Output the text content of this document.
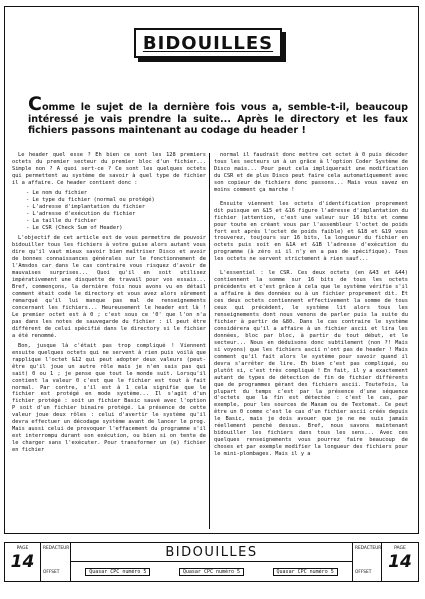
BIDOUILLES
Comme le sujet de la dernière fois vous a, semble-t-il, beaucoup intéressé je vais prendre la suite... Après le directory et les faux fichiers passons maintenant au codage du header !

Le header quel esse ? Eh bien ce sont les 128 premiers octets du premier secteur du premier bloc d'un fichier... Simple non ? A quoi sert-ce ? Ce sont les quelques octets qui permettent au système de savoir à quel type de fichier il a affaire. Ce header contient donc :

- Le nom du fichier
- Le type du fichier (normal ou protégé)
- L'adresse d'implantation du fichier
- L'adresse d'exécution du fichier
- La taille du fichier
- Le CSR (Check Sum of Header)

L'objectif de cet article est de vous permettre de pouvoir bidouiller tous les fichiers à votre guise alors autant vous dire qu'il vaut mieux savoir bien maîtriser Disco et avoir de bonnes connaissances générales sur le fonctionnement de l'Amsdos car dans le cas contraire vous risquez d'avoir de mauvaises surprises... Quoi qu'il en soit utilisez impérativement une disquette de travail pour vos essais... Bref, commençons, la dernière fois nous avons vu en détail comment était codé le directory et vous avez alors sûrement remarqué qu'il lui manque pas mal de renseignements concernant les fichiers... Heureusement le header est là ! Le premier octet est à 0 ; c'est sous ce '0' que l'on n'a pas dans les notes de sauvegarde du fichier : il peut être différent de celui spécifié dans le directory si le fichier a été renommé.

Bon, jusque là c'était pas trop compliqué ! Viennent ensuite quelques octets qui ne servent à rien puis voilà que rapplique l'octet &12 qui peut adopter deux valeurs (peut-être qu'il joue un autre rôle mais je n'en sais pas qui sait) 0 ou 1 ; je pense que tout le monde suit. Lorsqu'il contient la valeur 0 c'est que le fichier est tout à fait normal. Par contre, s'il est à 1 cela signifie que le fichier est protégé en mode système... Il s'agit d'un fichier protégé : soit un fichier Basic sauvé avec l'option P soit d'un fichier binaire protégé. La présence de cette valeur joue deux rôles : celui d'avertir le système qu'il devra effectuer un décodage système avant de lancer le prog. Mais aussi celui de provoquer l'effacement du programme s'il est interrompu durant son exécution, ou bien si on tente de le charger sans l'exécuter. Pour transformer un (e) fichier en fichier

normal il faudrait donc mettre cet octet à 0 puis décoder tous les secteurs un à un grâce à l'option Coder Système de Disco mais... Pour peut cela impliquerait une modification du CSR et de plus Disco peut faire cela automatiquement avec son copieur de fichiers donc passons... Mais vous savez en moins comment ça marche !

Ensuite viennent les octets d'identification proprement dit puisque en &15 et &16 figure l'adresse d'implantation du fichier (attention, c'est une valeur sur 16 bits et comme pour toute en créant vous par l'assembleur l'octet de poids fort est après l'octet de poids faible) et &18 et &19 vous trouverez, toujours sur 16 bits, la longueur du fichier en octets puis soit en &1A et &1B l'adresse d'exécution du programme (à zéro si il n'y en a pas de spécifique). Tous les octets ne servent strictement à rien sauf...

L'essentiel : le CSR. Ces deux octets (en &43 et &44) contiennent la somme sur 16 bits de tous les octets précédents et c'est grâce à cela que le système vérifie s'il a affaire à des données ou à un fichier proprement dit. Et ces deux octets contiennent effectivement la somme de tous ceux qui précèdent, le système lit alors tous les renseignements dont nous venons de parler puis la suite du fichier à partir de &80. Dans le cas contraire le système considérera qu'il a affaire à un fichier ascii et lira les données, bloc par bloc, à partir du tout début, et le secteur... Nous en déduisons donc subtilement (non ?! Mais si voyons) que les fichiers ascii n'ont pas de header ! Mais comment qu'il fait alors le système pour savoir quand il devra s'arrêter de lire. Eh bien c'est pas compliqué, ou plutôt si, c'est très compliqué ! En fait, il y a exactement autant de types de détection de fin de fichier différents que de programmes gérant des fichiers ascii. Toutefois, la plupart du temps c'est par la présence d'une séquence d'octets que la fin est détectée : c'est le cas, par exemple, pour les sources de Maxam ou de Textomat. Ce peut être un 0 comme c'est le cas d'un fichier ascii créés depuis le Basic, mais je dois avouer que je ne me suis jamais réellement penché dessus. Bref, nous savons maintenant bidouiller les fichiers dans tous les sens... Avec ces quelques renseignements vous pourrez faire beaucoup de choses et par exemple modifier la longueur des fichiers pour le mini-plombages. Mais il y a

PAGE
14
REDACTEUR
OFFSET
BIDOUILLES
Quasar CPC numéro 5	Quasar CPC numéro 5	Quasar CPC numéro 5
REDACTEUR
OFFSET
PAGE
14
